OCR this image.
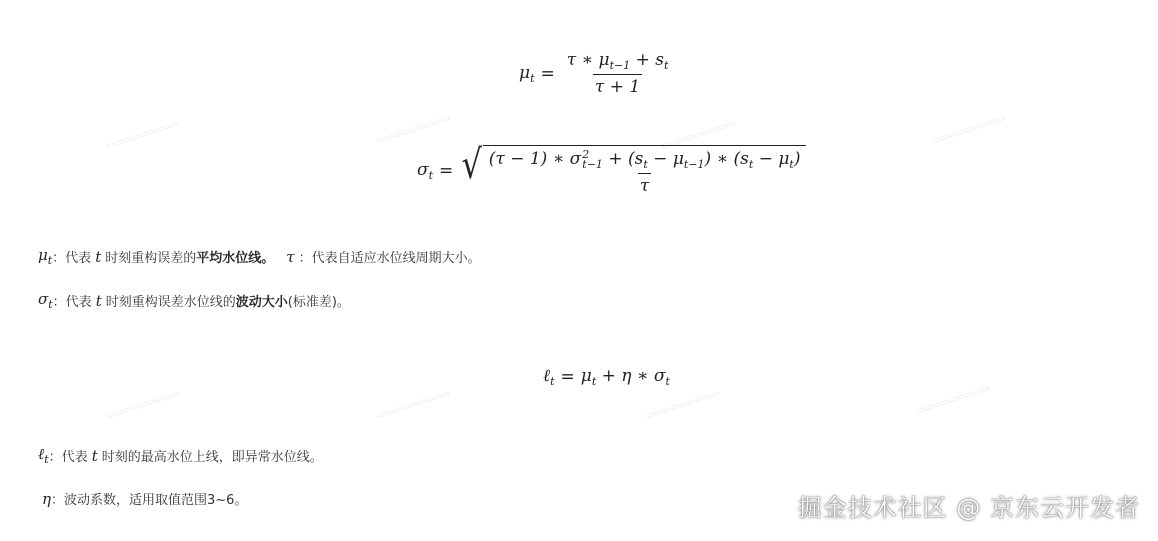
▭▭▭▭▭▭▭▭▭	▭▭▭▭▭▭▭▭▭	▭▭▭▭▭▭▭▭▭	▭▭▭▭▭▭▭▭▭
▭▭▭▭▭▭▭▭▭	▭▭▭▭▭▭▭▭▭	▭▭▭▭▭▭▭▭▭	▭▭▭▭▭▭▭▭▭
$\mu_t = \frac{\tau ∗ \mu_{t-1} + s_t}{\tau + 1}$
$\sigma_t$ = √ (τ − 1) ∗ σ 2
$t-1 + (s_t - \mu_{t-1})$ ∗ $(s_t - \mu_t)$
τ
$\mu_t$ ：代表 t 时刻重构误差的 平均水位线。 τ ：代表自适应水位线周期大小。
$\sigma_t$ ：代表 t 时刻重构误差水位线的 波动大小 (标准差)。
ℓ$_t$ = $\mu_t + \eta$ ∗ $\sigma_t$
ℓ$_t$ ：代表 t 时刻的最高水位上线，即异常水位线。
η ：波动系数，适用取值范围3~6。	掘金技术社区 @ 京东云开发者
